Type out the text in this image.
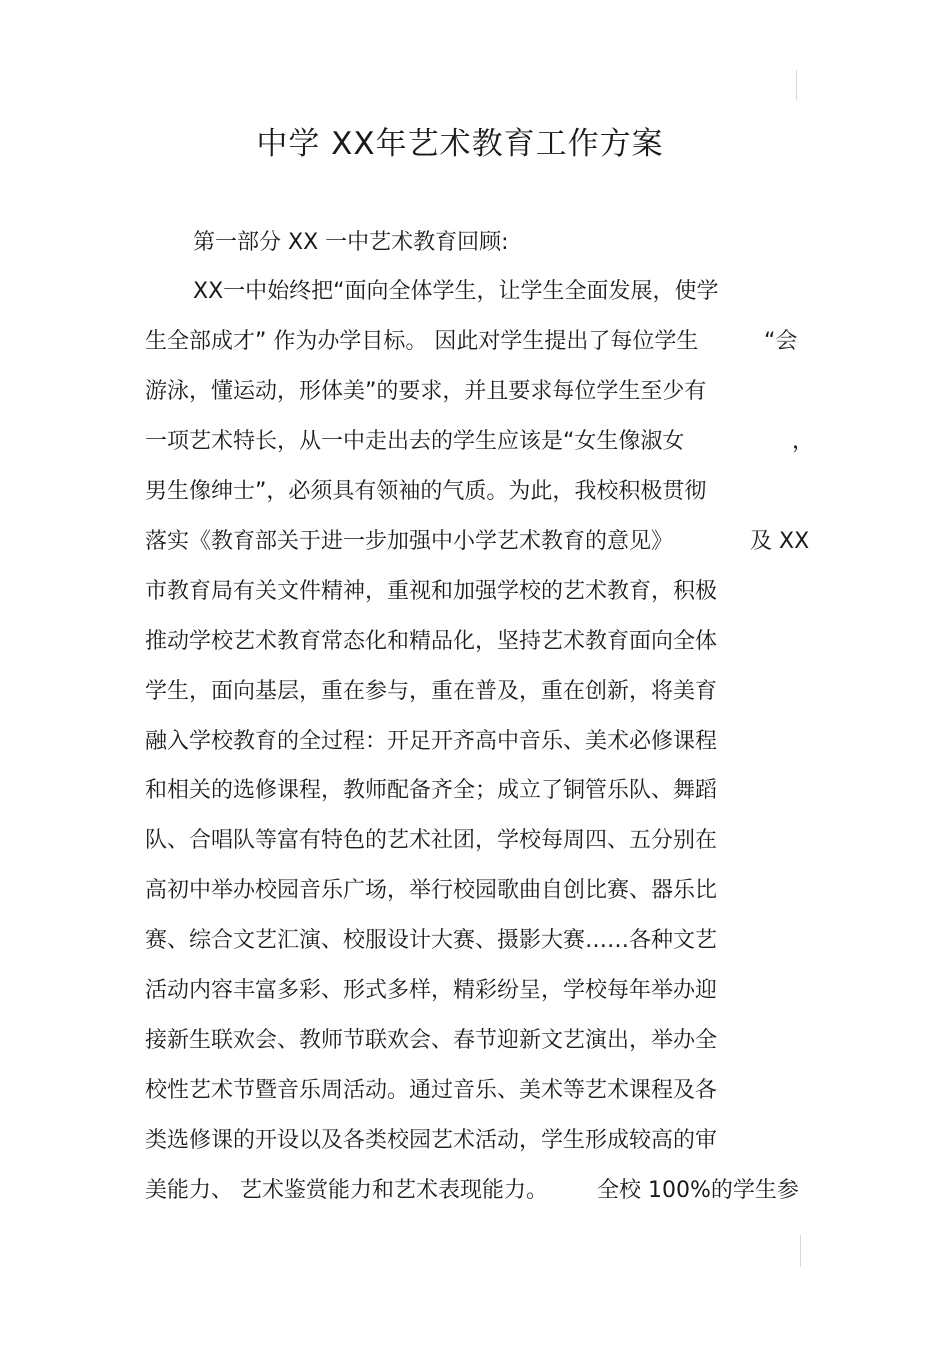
中学 XX年艺术教育工作方案
第一部分 XX 一中艺术教育回顾:
XX一中始终把“面向全体学生，让学生全面发展，使学
生全部成才” 作为办学目标。 因此对学生提出了每位学生	“会
游泳，懂运动，形体美”的要求，并且要求每位学生至少有
一项艺术特长，从一中走出去的学生应该是“女生像淑女	，
男生像绅士”，必须具有领袖的气质。为此，我校积极贯彻
落实《教育部关于进一步加强中小学艺术教育的意见》	及 XX
市教育局有关文件精神，重视和加强学校的艺术教育，积极
推动学校艺术教育常态化和精品化，坚持艺术教育面向全体
学生，面向基层，重在参与，重在普及，重在创新，将美育
融入学校教育的全过程：开足开齐高中音乐、美术必修课程
和相关的选修课程，教师配备齐全；成立了铜管乐队、舞蹈
队、合唱队等富有特色的艺术社团，学校每周四、五分别在
高初中举办校园音乐广场，举行校园歌曲自创比赛、器乐比
赛、综合文艺汇演、校服设计大赛、摄影大赛……各种文艺
活动内容丰富多彩、形式多样，精彩纷呈，学校每年举办迎
接新生联欢会、教师节联欢会、春节迎新文艺演出，举办全
校性艺术节暨音乐周活动。通过音乐、美术等艺术课程及各
类选修课的开设以及各类校园艺术活动，学生形成较高的审
美能力、 艺术鉴赏能力和艺术表现能力。 全校 100%的学生参
